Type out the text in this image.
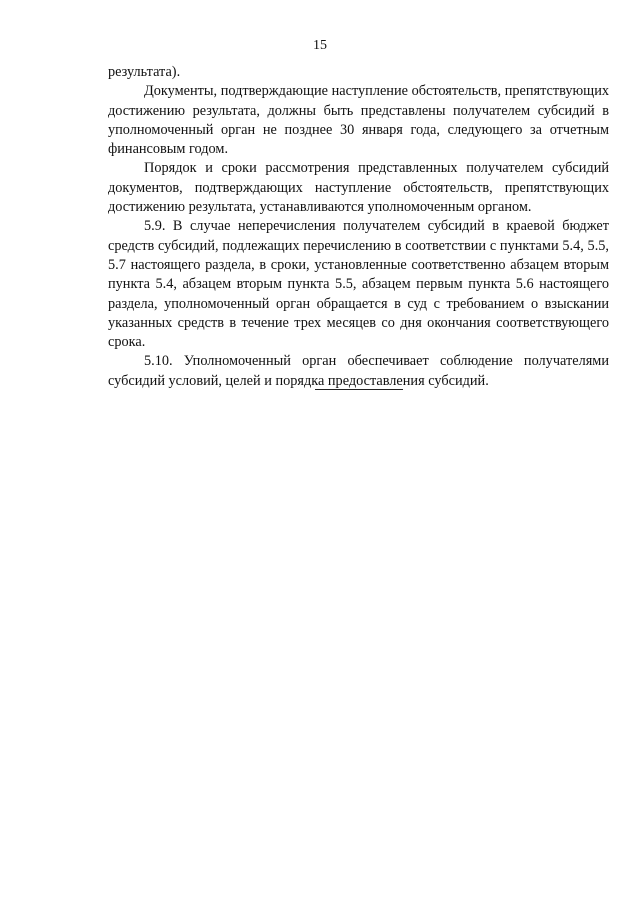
15

результата).

Документы, подтверждающие наступление обстоятельств, препятствующих достижению результата, должны быть представлены получателем субсидий в уполномоченный орган не позднее 30 января года, следующего за отчетным финансовым годом.

Порядок и сроки рассмотрения представленных получателем субсидий документов, подтверждающих наступление обстоятельств, препятствующих достижению результата, устанавливаются уполномоченным органом.

5.9. В случае неперечисления получателем субсидий в краевой бюджет средств субсидий, подлежащих перечислению в соответствии с пунктами 5.4, 5.5, 5.7 настоящего раздела, в сроки, установленные соответственно абзацем вторым пункта 5.4, абзацем вторым пункта 5.5, абзацем первым пункта 5.6 настоящего раздела, уполномоченный орган обращается в суд с требованием о взыскании указанных средств в течение трех месяцев со дня окончания соответствующего срока.

5.10. Уполномоченный орган обеспечивает соблюдение получателями субсидий условий, целей и порядка предоставления субсидий.
